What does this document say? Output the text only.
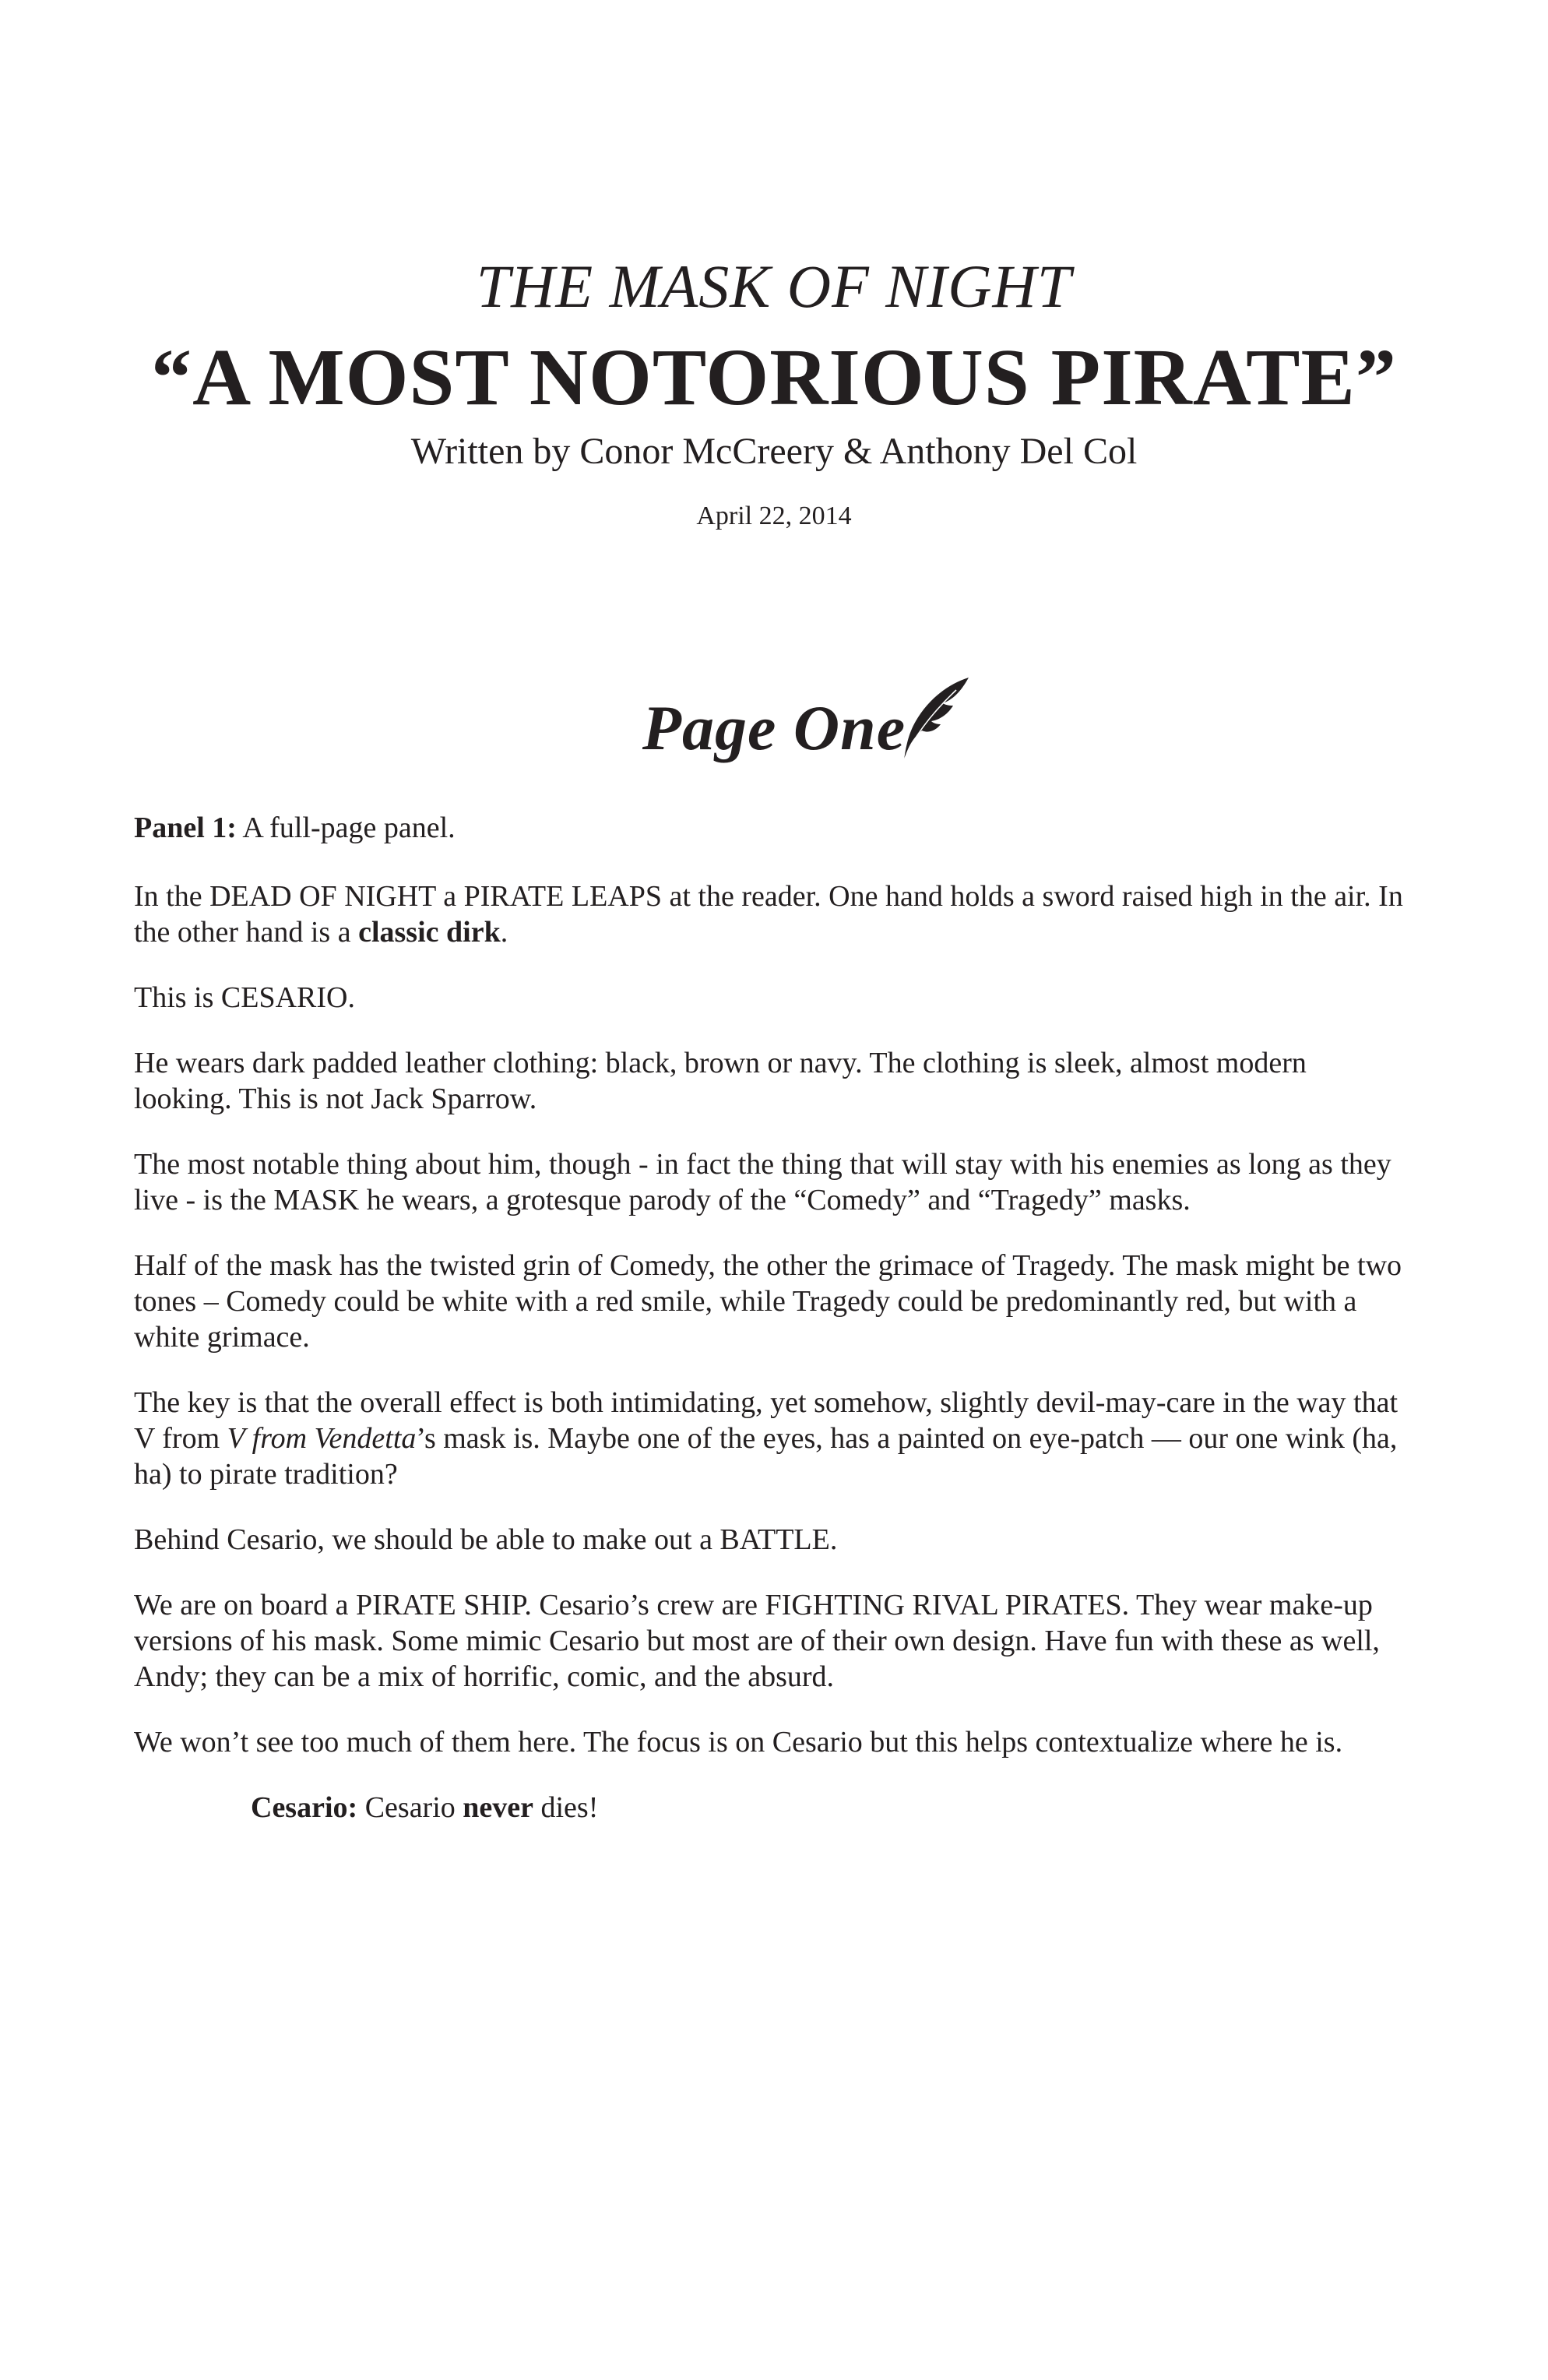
THE MASK OF NIGHT
“A MOST NOTORIOUS PIRATE”
Written by Conor McCreery & Anthony Del Col
April 22, 2014
Page One

Panel 1: A full-page panel.

In the DEAD OF NIGHT a PIRATE LEAPS at the reader. One hand holds a sword raised high in the air. In the other hand is a classic dirk.

This is CESARIO.

He wears dark padded leather clothing: black, brown or navy. The clothing is sleek, almost modern looking. This is not Jack Sparrow.

The most notable thing about him, though - in fact the thing that will stay with his enemies as long as they live - is the MASK he wears, a grotesque parody of the “Comedy” and “Tragedy” masks.

Half of the mask has the twisted grin of Comedy, the other the grimace of Tragedy. The mask might be two tones – Comedy could be white with a red smile, while Tragedy could be predominantly red, but with a white grimace.

The key is that the overall effect is both intimidating, yet somehow, slightly devil-may-care in the way that V from V from Vendetta’s mask is. Maybe one of the eyes, has a painted on eye-patch — our one wink (ha, ha) to pirate tradition?

Behind Cesario, we should be able to make out a BATTLE.

We are on board a PIRATE SHIP. Cesario’s crew are FIGHTING RIVAL PIRATES. They wear make-up versions of his mask. Some mimic Cesario but most are of their own design. Have fun with these as well, Andy; they can be a mix of horrific, comic, and the absurd.

We won’t see too much of them here. The focus is on Cesario but this helps contextualize where he is.

Cesario: Cesario never dies!
